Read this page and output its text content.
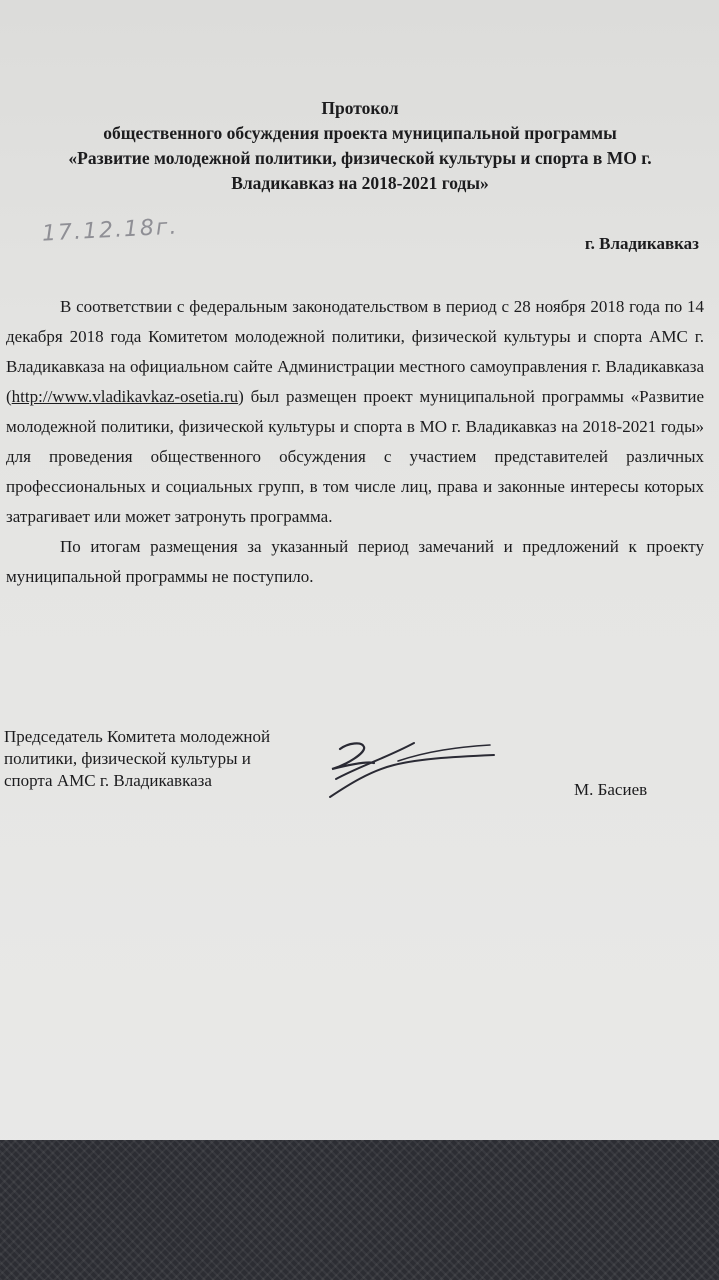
Протокол
общественного обсуждения проекта муниципальной программы
«Развитие молодежной политики, физической культуры и спорта в МО г.
Владикавказ на 2018-2021 годы»
17.12.18г.	г. Владикавказ

В соответствии с федеральным законодательством в период с 28 ноября 2018 года по 14 декабря 2018 года Комитетом молодежной политики, физической культуры и спорта АМС г. Владикавказа на официальном сайте Администрации местного самоуправления г. Владикавказа (http://www.vladikavkaz-osetia.ru) был размещен проект муниципальной программы «Развитие молодежной политики, физической культуры и спорта в МО г. Владикавказ на 2018-2021 годы» для проведения общественного обсуждения с участием представителей различных профессиональных и социальных групп, в том числе лиц, права и законные интересы которых затрагивает или может затронуть программа.

По итогам размещения за указанный период замечаний и предложений к проекту муниципальной программы не поступило.

Председатель Комитета молодежной
политики, физической культуры и
спорта АМС г. Владикавказа	М. Басиев
